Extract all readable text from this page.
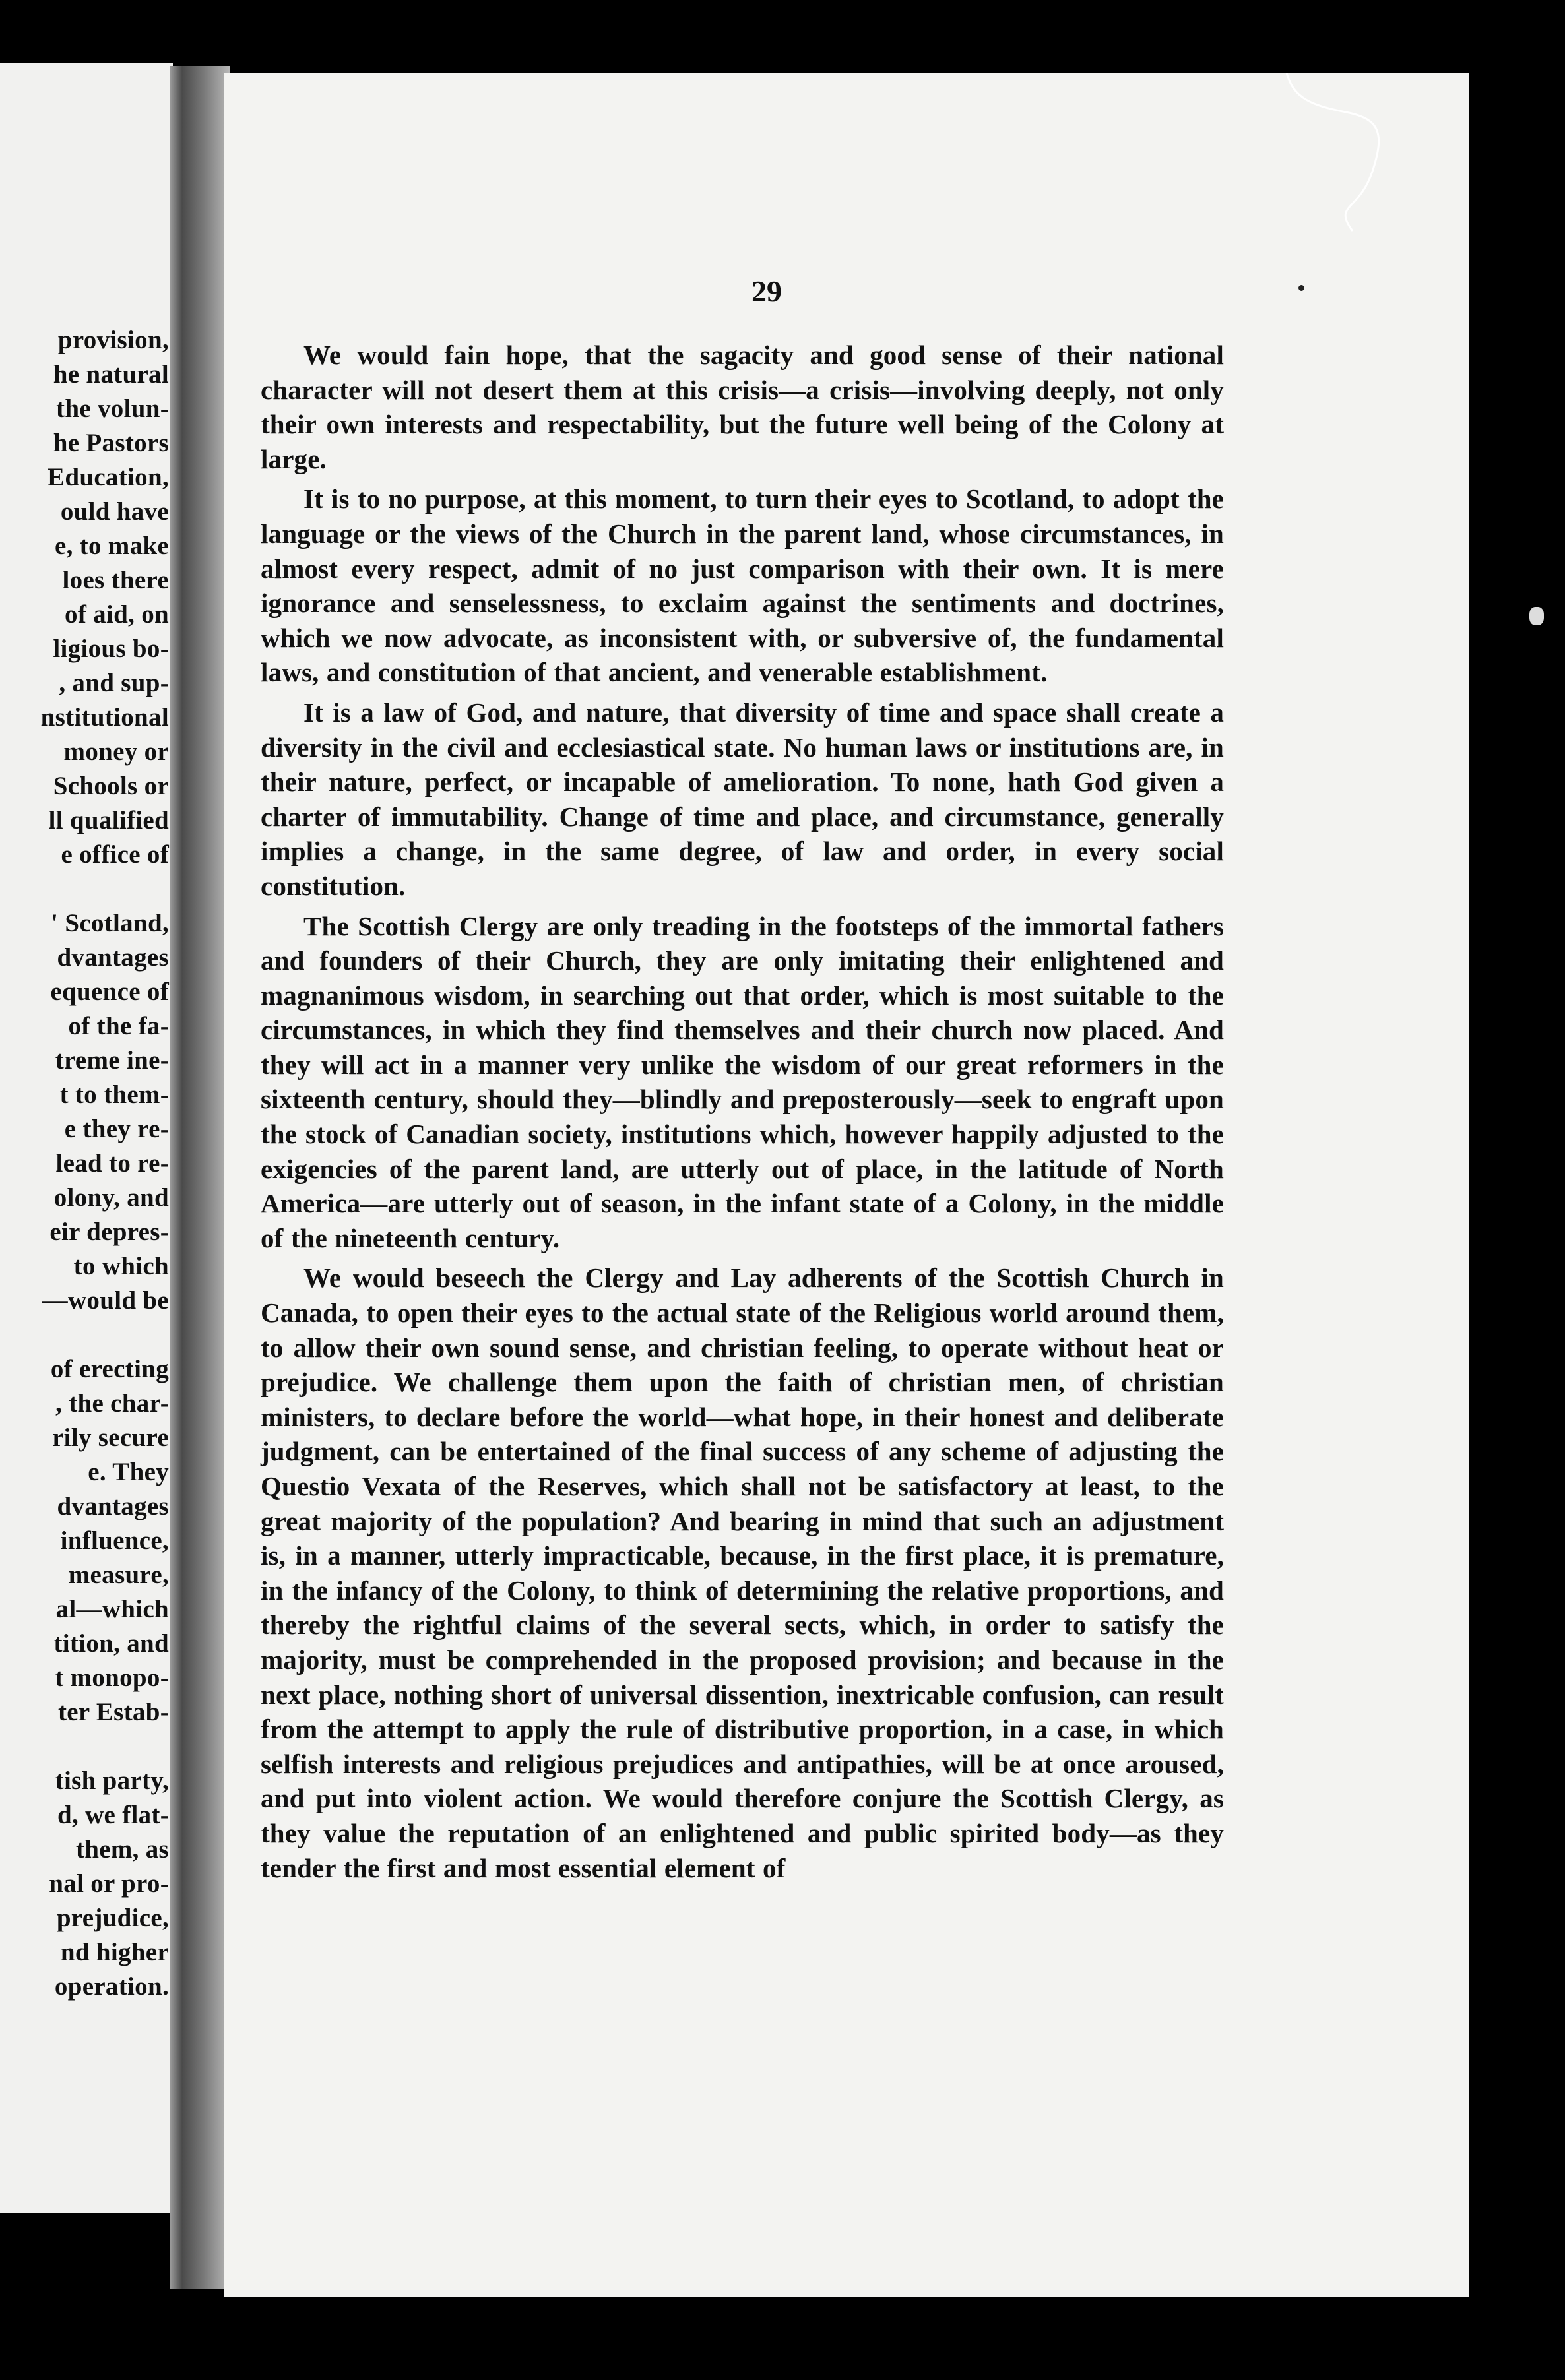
provision,
he natural
the volun-
he Pastors
Education,
ould have
e, to make
loes there
of aid, on
ligious bo-
, and sup-
nstitutional
money or
Schools or
ll qualified
e office of

' Scotland,
dvantages
equence of
of the fa-
treme ine-
t to them-
e they re-
lead to re-
olony, and
eir depres-
to which
—would be

of erecting
, the char-
rily secure
e. They
dvantages
influence,
measure,
al—which
tition, and
t monopo-
ter Estab-

tish party,
d, we flat-
them, as
nal or pro-
prejudice,
nd higher
operation.
29

We would fain hope, that the sagacity and good sense of their national character will not desert them at this crisis—a crisis—involving deeply, not only their own interests and respectability, but the future well being of the Colony at large.

It is to no purpose, at this moment, to turn their eyes to Scotland, to adopt the language or the views of the Church in the parent land, whose circumstances, in almost every respect, admit of no just comparison with their own. It is mere ignorance and senselessness, to exclaim against the sentiments and doctrines, which we now advocate, as inconsistent with, or subversive of, the fundamental laws, and constitution of that ancient, and venerable establishment.

It is a law of God, and nature, that diversity of time and space shall create a diversity in the civil and ecclesiastical state. No human laws or institutions are, in their nature, perfect, or incapable of amelioration. To none, hath God given a charter of immutability. Change of time and place, and circumstance, generally implies a change, in the same degree, of law and order, in every social constitution.

The Scottish Clergy are only treading in the footsteps of the immortal fathers and founders of their Church, they are only imitating their enlightened and magnanimous wisdom, in searching out that order, which is most suitable to the circumstances, in which they find themselves and their church now placed. And they will act in a manner very unlike the wisdom of our great reformers in the sixteenth century, should they—blindly and preposterously—seek to engraft upon the stock of Canadian society, institutions which, however happily adjusted to the exigencies of the parent land, are utterly out of place, in the latitude of North America—are utterly out of season, in the infant state of a Colony, in the middle of the nineteenth century.

We would beseech the Clergy and Lay adherents of the Scottish Church in Canada, to open their eyes to the actual state of the Religious world around them, to allow their own sound sense, and christian feeling, to operate without heat or prejudice. We challenge them upon the faith of christian men, of christian ministers, to declare before the world—what hope, in their honest and deliberate judgment, can be entertained of the final success of any scheme of adjusting the Questio Vexata of the Reserves, which shall not be satisfactory at least, to the great majority of the population? And bearing in mind that such an adjustment is, in a manner, utterly impracticable, because, in the first place, it is premature, in the infancy of the Colony, to think of determining the relative proportions, and thereby the rightful claims of the several sects, which, in order to satisfy the majority, must be comprehended in the proposed provision; and because in the next place, nothing short of universal dissention, inextricable confusion, can result from the attempt to apply the rule of distributive proportion, in a case, in which selfish interests and religious prejudices and antipathies, will be at once aroused, and put into violent action. We would therefore conjure the Scottish Clergy, as they value the reputation of an enlightened and public spirited body—as they tender the first and most essential element of
